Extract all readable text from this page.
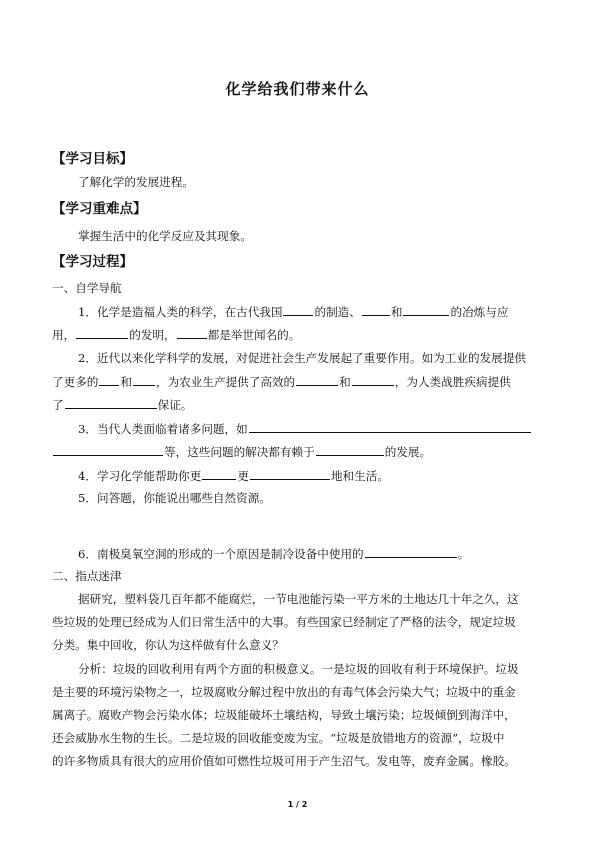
化学给我们带来什么
【学习目标】
了解化学的发展进程。
【学习重难点】
掌握生活中的化学反应及其现象。
【学习过程】
一、自学导航
1．化学是造福人类的科学，在古代我国	的制造、	和	的冶炼与应
用，	的发明，	都是举世闻名的。
2．近代以来化学科学的发展，对促进社会生产发展起了重要作用。如为工业的发展提供
了更多的 和 ，为农业生产提供了高效的	和	，为人类战胜疾病提供
了	保证。
3．当代人类面临着诸多问题，如
等，这些问题的解决都有赖于	的发展。
4．学习化学能帮助你更	更	地和生活。
5．问答题，你能说出哪些自然资源。
6．南极臭氧空洞的形成的一个原因是制冷设备中使用的	。
二、指点迷津
据研究，塑料袋几百年都不能腐烂，一节电池能污染一平方米的土地达几十年之久，这
些垃圾的处理已经成为人们日常生活中的大事。有些国家已经制定了严格的法令，规定垃圾
分类。集中回收，你认为这样做有什么意义？
分析：垃圾的回收利用有两个方面的积极意义。一是垃圾的回收有利于环境保护。垃圾
是主要的环境污染物之一，垃圾腐败分解过程中放出的有毒气体会污染大气；垃圾中的重金
属离子。腐败产物会污染水体；垃圾能破坏土壤结构，导致土壤污染；垃圾倾倒到海洋中，
还会威胁水生物的生长。二是垃圾的回收能变废为宝。“垃圾是放错地方的资源”，垃圾中
的许多物质具有很大的应用价值如可燃性垃圾可用于产生沼气。发电等，废弃金属。橡胶。
1 / 2
